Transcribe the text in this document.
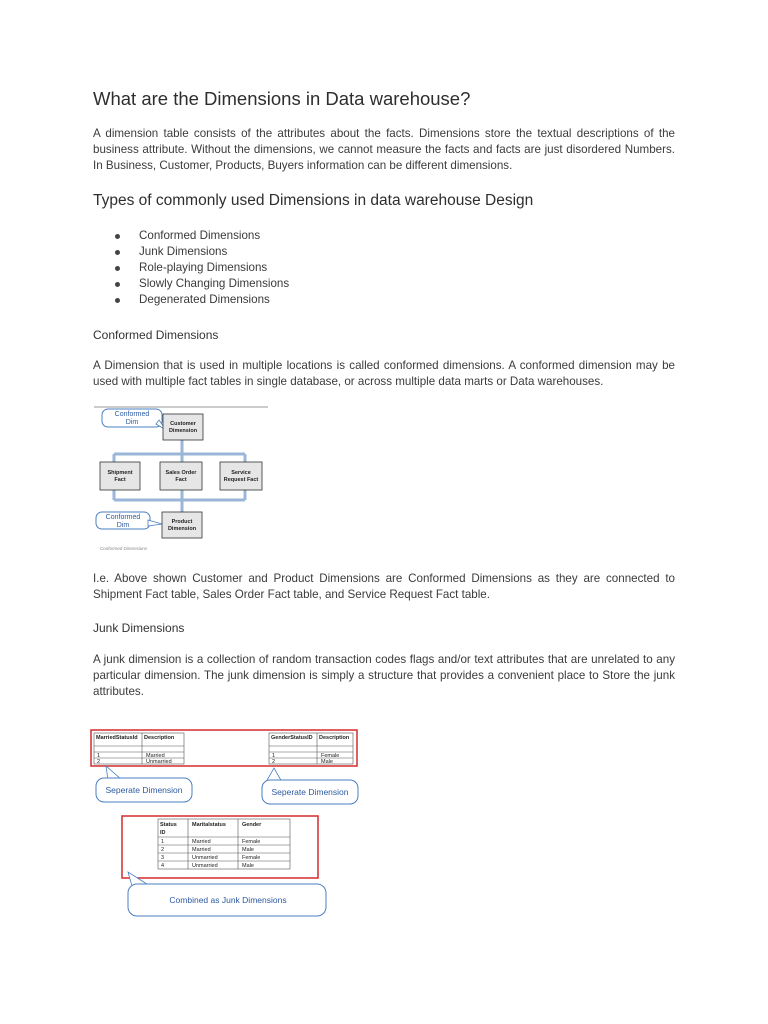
What are the Dimensions in Data warehouse?

A dimension table consists of the attributes about the facts. Dimensions store the textual descriptions of the business attribute. Without the dimensions, we cannot measure the facts and facts are just disordered Numbers. In Business, Customer, Products, Buyers information can be different dimensions.

Types of commonly used Dimensions in data warehouse Design
Conformed Dimensions
Junk Dimensions
Role-playing Dimensions
Slowly Changing Dimensions
Degenerated Dimensions
Conformed Dimensions

A Dimension that is used in multiple locations is called conformed dimensions. A conformed dimension may be used with multiple fact tables in single database, or across multiple data marts or Data warehouses.

I.e. Above shown Customer and Product Dimensions are Conformed Dimensions as they are connected to Shipment Fact table, Sales Order Fact table, and Service Request Fact table.

Junk Dimensions

A junk dimension is a collection of random transaction codes flags and/or text attributes that are unrelated to any particular dimension. The junk dimension is simply a structure that provides a convenient place to Store the junk attributes.

Conformed
Dim	Customer
Dimension
Shipment
Fact
Sales Order
Fact
Service
Request Fact
Conformed
Dim	Product
Dimension
Conformed Dimensions
MarriedStatusId Description
1	Married
2	Unmarried
GenderStatusID Description
1	Female
2	Male
Seperate Dimension	Seperate Dimension
Status
ID
Maritalstatus	Gender
1	Married	Female
2	Married	Male
3	Unmarried	Female
4	Unmarried	Male
Combined as Junk Dimensions
